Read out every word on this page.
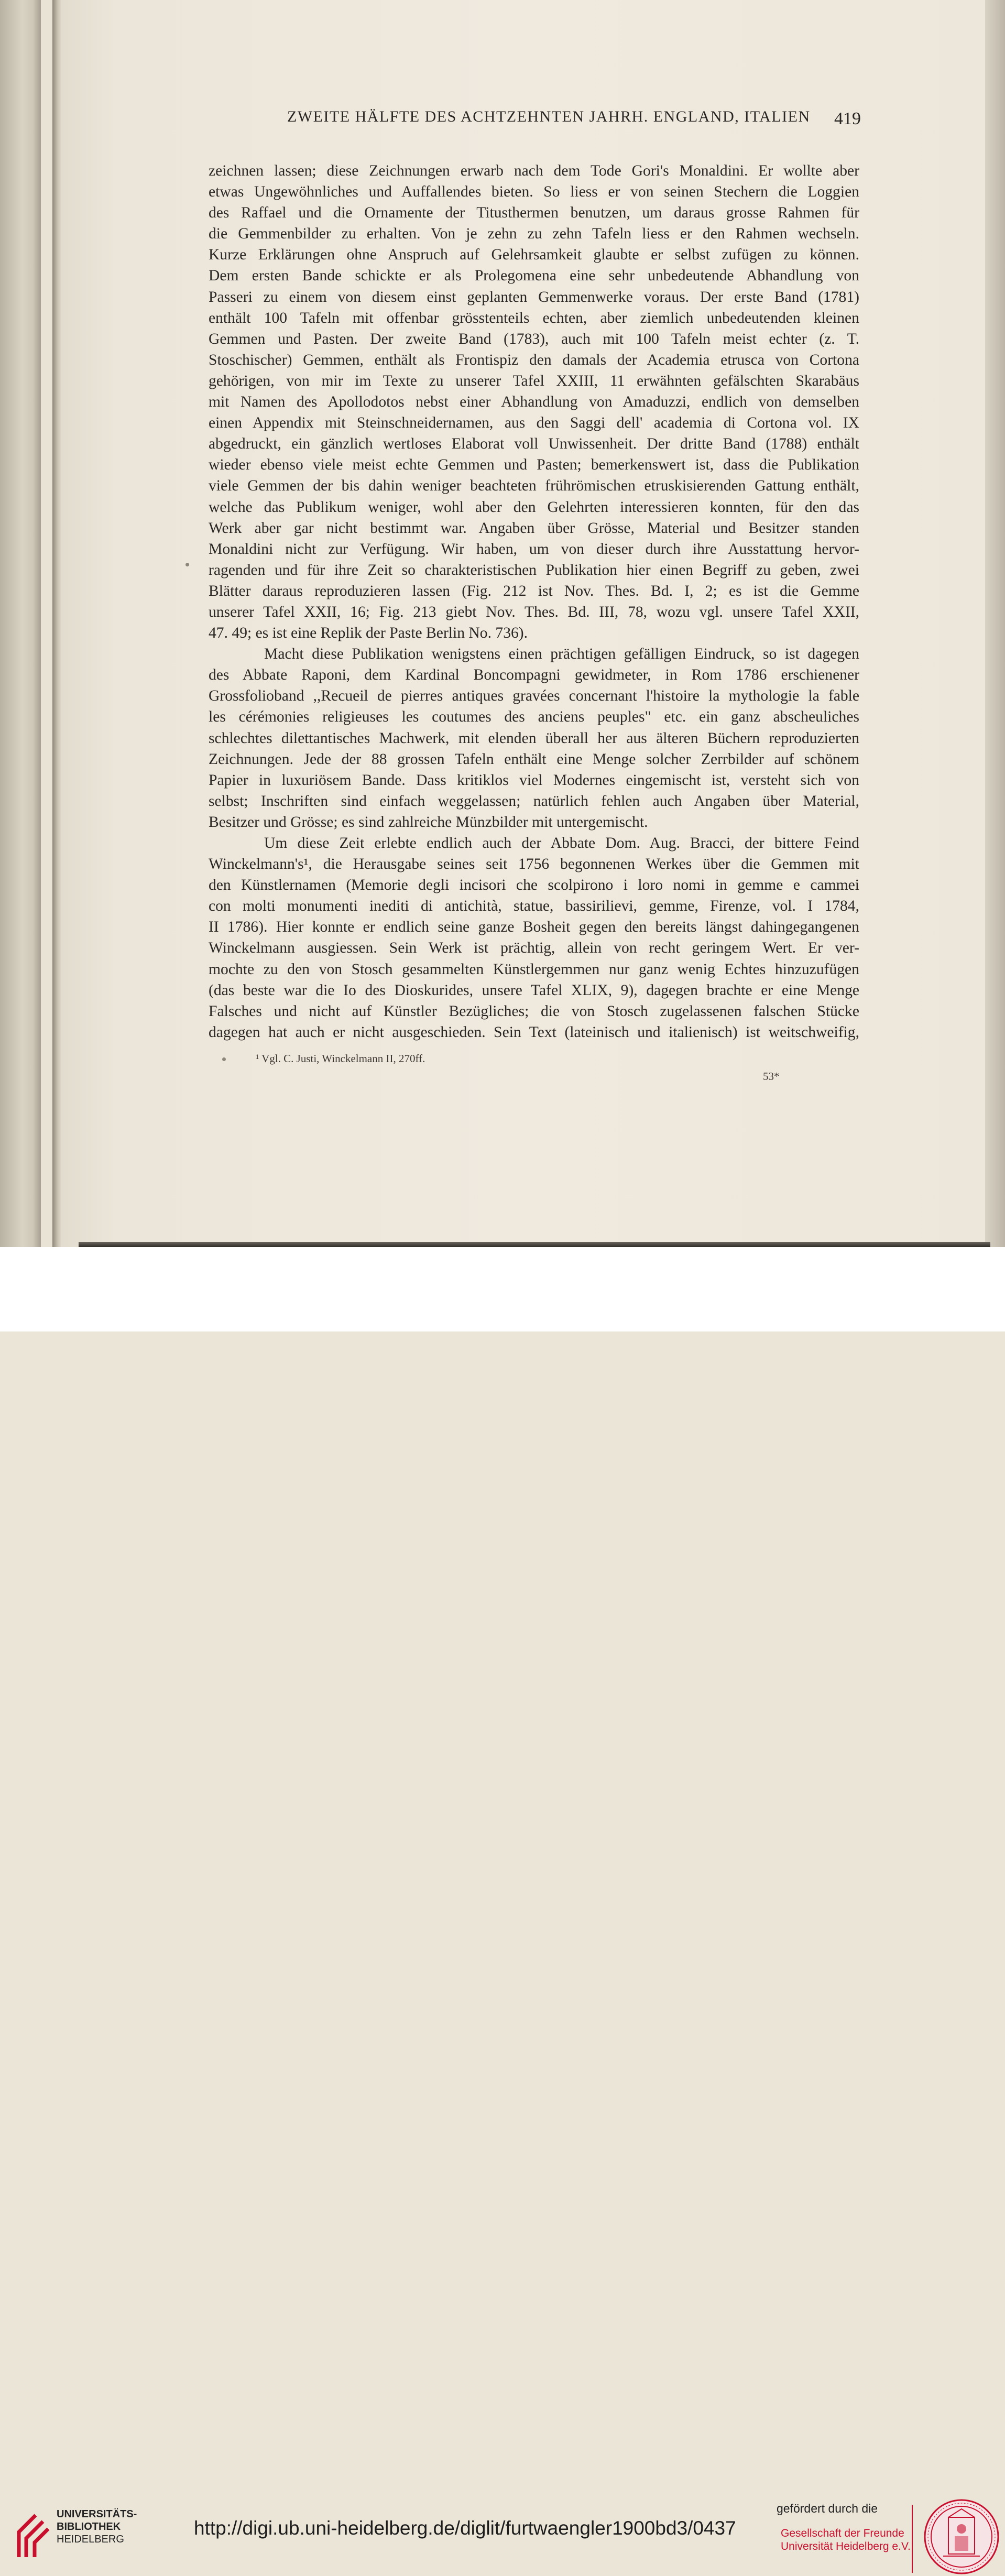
ZWEITE HÄLFTE DES ACHTZEHNTEN JAHRH. ENGLAND, ITALIEN 419
zeichnen lassen; diese Zeichnungen erwarb nach dem Tode Gori's Monaldini. Er wollte aber
etwas Ungewöhnliches und Auffallendes bieten. So liess er von seinen Stechern die Loggien
des Raffael und die Ornamente der Titusthermen benutzen, um daraus grosse Rahmen für
die Gemmenbilder zu erhalten. Von je zehn zu zehn Tafeln liess er den Rahmen wechseln.
Kurze Erklärungen ohne Anspruch auf Gelehrsamkeit glaubte er selbst zufügen zu können.
Dem ersten Bande schickte er als Prolegomena eine sehr unbedeutende Abhandlung von
Passeri zu einem von diesem einst geplanten Gemmenwerke voraus. Der erste Band (1781)
enthält 100 Tafeln mit offenbar grösstenteils echten, aber ziemlich unbedeutenden kleinen
Gemmen und Pasten. Der zweite Band (1783), auch mit 100 Tafeln meist echter (z. T.
Stoschischer) Gemmen, enthält als Frontispiz den damals der Academia etrusca von Cortona
gehörigen, von mir im Texte zu unserer Tafel XXIII, 11 erwähnten gefälschten Skarabäus
mit Namen des Apollodotos nebst einer Abhandlung von Amaduzzi, endlich von demselben
einen Appendix mit Steinschneidernamen, aus den Saggi dell' academia di Cortona vol. IX
abgedruckt, ein gänzlich wertloses Elaborat voll Unwissenheit. Der dritte Band (1788) enthält
wieder ebenso viele meist echte Gemmen und Pasten; bemerkenswert ist, dass die Publikation
viele Gemmen der bis dahin weniger beachteten frührömischen etruskisierenden Gattung enthält,
welche das Publikum weniger, wohl aber den Gelehrten interessieren konnten, für den das
Werk aber gar nicht bestimmt war. Angaben über Grösse, Material und Besitzer standen
Monaldini nicht zur Verfügung. Wir haben, um von dieser durch ihre Ausstattung hervor-
ragenden und für ihre Zeit so charakteristischen Publikation hier einen Begriff zu geben, zwei
Blätter daraus reproduzieren lassen (Fig. 212 ist Nov. Thes. Bd. I, 2; es ist die Gemme
unserer Tafel XXII, 16; Fig. 213 giebt Nov. Thes. Bd. III, 78, wozu vgl. unsere Tafel XXII,
47. 49; es ist eine Replik der Paste Berlin No. 736).
Macht diese Publikation wenigstens einen prächtigen gefälligen Eindruck, so ist dagegen
des Abbate Raponi, dem Kardinal Boncompagni gewidmeter, in Rom 1786 erschienener
Grossfolioband ,,Recueil de pierres antiques gravées concernant l'histoire la mythologie la fable
les cérémonies religieuses les coutumes des anciens peuples" etc. ein ganz abscheuliches
schlechtes dilettantisches Machwerk, mit elenden überall her aus älteren Büchern reproduzierten
Zeichnungen. Jede der 88 grossen Tafeln enthält eine Menge solcher Zerrbilder auf schönem
Papier in luxuriösem Bande. Dass kritiklos viel Modernes eingemischt ist, versteht sich von
selbst; Inschriften sind einfach weggelassen; natürlich fehlen auch Angaben über Material,
Besitzer und Grösse; es sind zahlreiche Münzbilder mit untergemischt.
Um diese Zeit erlebte endlich auch der Abbate Dom. Aug. Bracci, der bittere Feind
Winckelmann's¹, die Herausgabe seines seit 1756 begonnenen Werkes über die Gemmen mit
den Künstlernamen (Memorie degli incisori che scolpirono i loro nomi in gemme e cammei
con molti monumenti inediti di antichità, statue, bassirilievi, gemme, Firenze, vol. I 1784,
II 1786). Hier konnte er endlich seine ganze Bosheit gegen den bereits längst dahingegangenen
Winckelmann ausgiessen. Sein Werk ist prächtig, allein von recht geringem Wert. Er ver-
mochte zu den von Stosch gesammelten Künstlergemmen nur ganz wenig Echtes hinzuzufügen
(das beste war die Io des Dioskurides, unsere Tafel XLIX, 9), dagegen brachte er eine Menge
Falsches und nicht auf Künstler Bezügliches; die von Stosch zugelassenen falschen Stücke
dagegen hat auch er nicht ausgeschieden. Sein Text (lateinisch und italienisch) ist weitschweifig,
¹ Vgl. C. Justi, Winckelmann II, 270ff.
53*
UNIVERSITÄTS-
BIBLIOTHEK
HEIDELBERG
http://digi.ub.uni-heidelberg.de/diglit/furtwaengler1900bd3/0437
gefördert durch die
Gesellschaft der Freunde
Universität Heidelberg e.V.
